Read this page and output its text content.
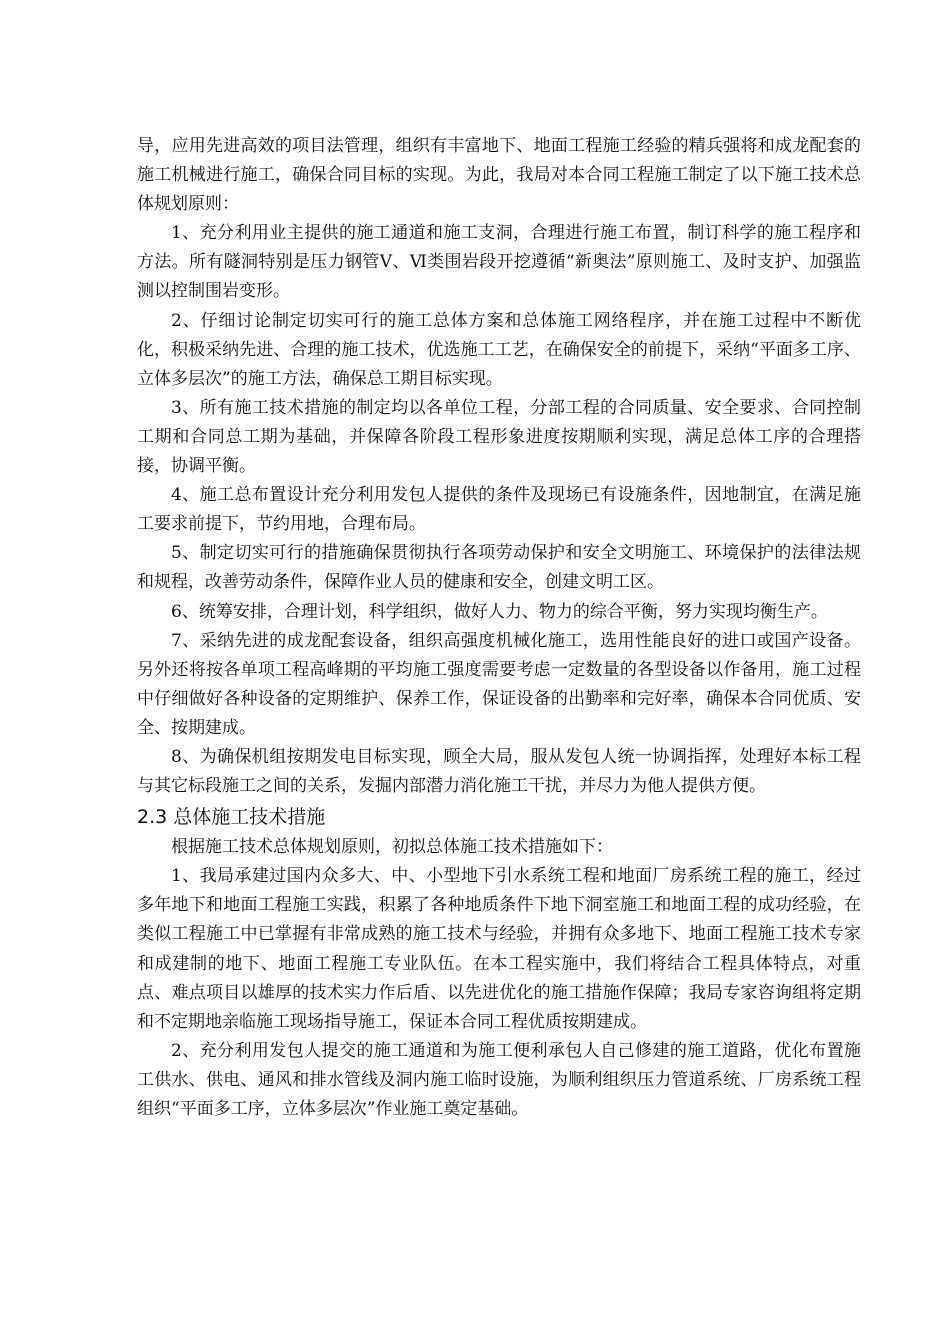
导，应用先进高效的项目法管理，组织有丰富地下、地面工程施工经验的精兵强将和成龙配套的施工机械进行施工，确保合同目标的实现。为此，我局对本合同工程施工制定了以下施工技术总体规划原则：

1、充分利用业主提供的施工通道和施工支洞，合理进行施工布置，制订科学的施工程序和方法。所有隧洞特别是压力钢管Ⅴ、Ⅵ类围岩段开挖遵循“新奥法”原则施工、及时支护、加强监测以控制围岩变形。

2、仔细讨论制定切实可行的施工总体方案和总体施工网络程序，并在施工过程中不断优化，积极采纳先进、合理的施工技术，优选施工工艺，在确保安全的前提下，采纳“平面多工序、立体多层次”的施工方法，确保总工期目标实现。

3、所有施工技术措施的制定均以各单位工程，分部工程的合同质量、安全要求、合同控制工期和合同总工期为基础，并保障各阶段工程形象进度按期顺利实现，满足总体工序的合理搭接，协调平衡。

4、施工总布置设计充分利用发包人提供的条件及现场已有设施条件，因地制宜，在满足施工要求前提下，节约用地，合理布局。

5、制定切实可行的措施确保贯彻执行各项劳动保护和安全文明施工、环境保护的法律法规和规程，改善劳动条件，保障作业人员的健康和安全，创建文明工区。

6、统筹安排，合理计划，科学组织，做好人力、物力的综合平衡，努力实现均衡生产。

7、采纳先进的成龙配套设备，组织高强度机械化施工，选用性能良好的进口或国产设备。另外还将按各单项工程高峰期的平均施工强度需要考虑一定数量的各型设备以作备用，施工过程中仔细做好各种设备的定期维护、保养工作，保证设备的出勤率和完好率，确保本合同优质、安全、按期建成。

8、为确保机组按期发电目标实现，顾全大局，服从发包人统一协调指挥，处理好本标工程与其它标段施工之间的关系，发掘内部潜力消化施工干扰，并尽力为他人提供方便。

2.3 总体施工技术措施

根据施工技术总体规划原则，初拟总体施工技术措施如下：

1、我局承建过国内众多大、中、小型地下引水系统工程和地面厂房系统工程的施工，经过多年地下和地面工程施工实践，积累了各种地质条件下地下洞室施工和地面工程的成功经验，在类似工程施工中已掌握有非常成熟的施工技术与经验，并拥有众多地下、地面工程施工技术专家和成建制的地下、地面工程施工专业队伍。在本工程实施中，我们将结合工程具体特点，对重点、难点项目以雄厚的技术实力作后盾、以先进优化的施工措施作保障；我局专家咨询组将定期和不定期地亲临施工现场指导施工，保证本合同工程优质按期建成。

2、充分利用发包人提交的施工通道和为施工便利承包人自己修建的施工道路，优化布置施工供水、供电、通风和排水管线及洞内施工临时设施，为顺利组织压力管道系统、厂房系统工程组织“平面多工序，立体多层次”作业施工奠定基础。
